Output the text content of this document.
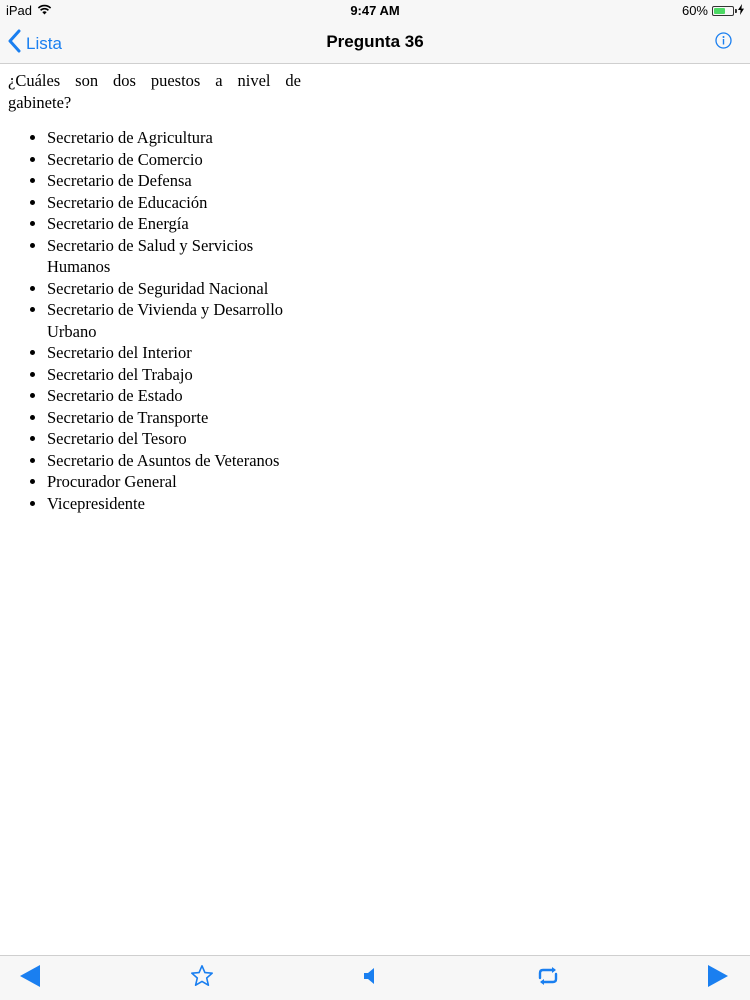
iPad	9:47 AM	60%
Lista	Pregunta 36

¿Cuáles son dos puestos a nivel de gabinete?

• Secretario de Agricultura
• Secretario de Comercio
• Secretario de Defensa
• Secretario de Educación
• Secretario de Energía
• Secretario de Salud y Servicios Humanos
• Secretario de Seguridad Nacional
• Secretario de Vivienda y Desarrollo Urbano
• Secretario del Interior
• Secretario del Trabajo
• Secretario de Estado
• Secretario de Transporte
• Secretario del Tesoro
• Secretario de Asuntos de Veteranos
• Procurador General
• Vicepresidente
